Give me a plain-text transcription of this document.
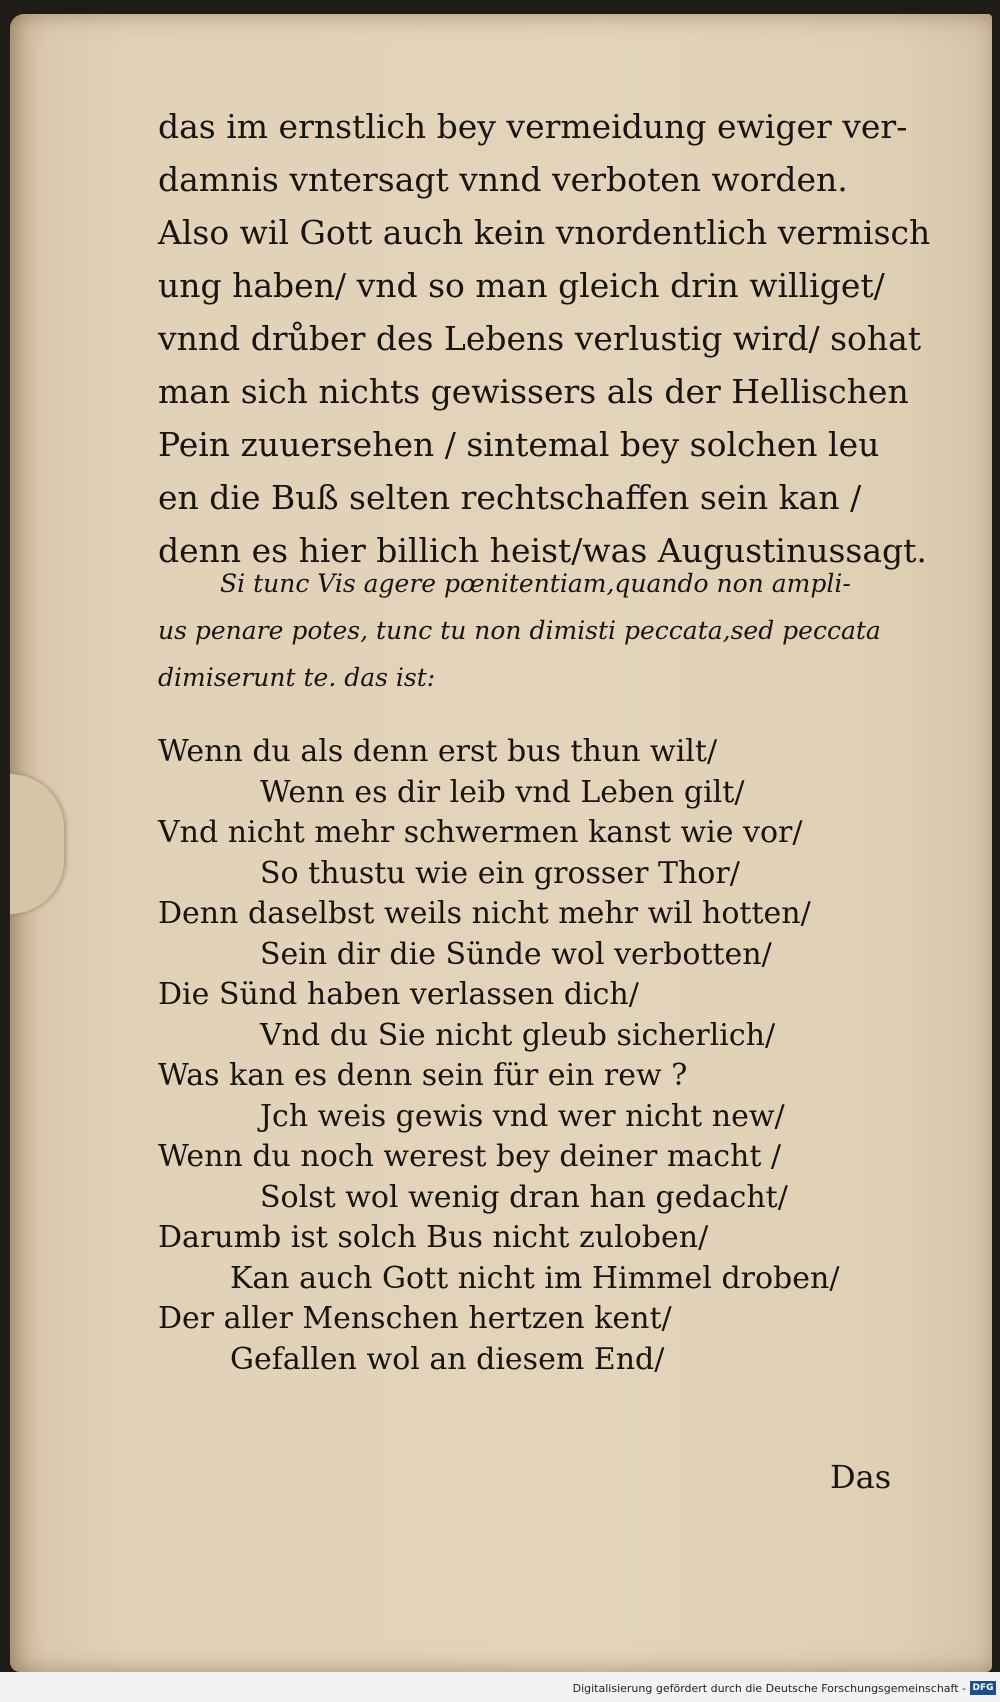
das im ernstlich bey vermeidung ewiger ver-
damnis vntersagt vnnd verboten worden.
Also wil Gott auch kein vnordentlich vermisch
ung haben/ vnd so man gleich drin williget/
vnnd drůber des Lebens verlustig wird/ sohat
man sich nichts gewissers als der Hellischen
Pein zuuersehen / sintemal bey solchen leu
en die Buß selten rechtschaffen sein kan /
denn es hier billich heist/was Augustinussagt.

Si tunc Vis agere pœnitentiam,quando non ampli-
us penare potes, tunc tu non dimisti peccata,sed peccata
dimiserunt te. das ist:
Wenn du als denn erst bus thun wilt/
Wenn es dir leib vnd Leben gilt/
Vnd nicht mehr schwermen kanst wie vor/
So thustu wie ein grosser Thor/
Denn daselbst weils nicht mehr wil hotten/
Sein dir die Sünde wol verbotten/
Die Sünd haben verlassen dich/
Vnd du Sie nicht gleub sicherlich/
Was kan es denn sein für ein rew ?
Jch weis gewis vnd wer nicht new/
Wenn du noch werest bey deiner macht /
Solst wol wenig dran han gedacht/
Darumb ist solch Bus nicht zuloben/
Kan auch Gott nicht im Himmel droben/
Der aller Menschen hertzen kent/
Gefallen wol an diesem End/
Das
Digitalisierung gefördert durch die Deutsche Forschungsgemeinschaft - DFG
